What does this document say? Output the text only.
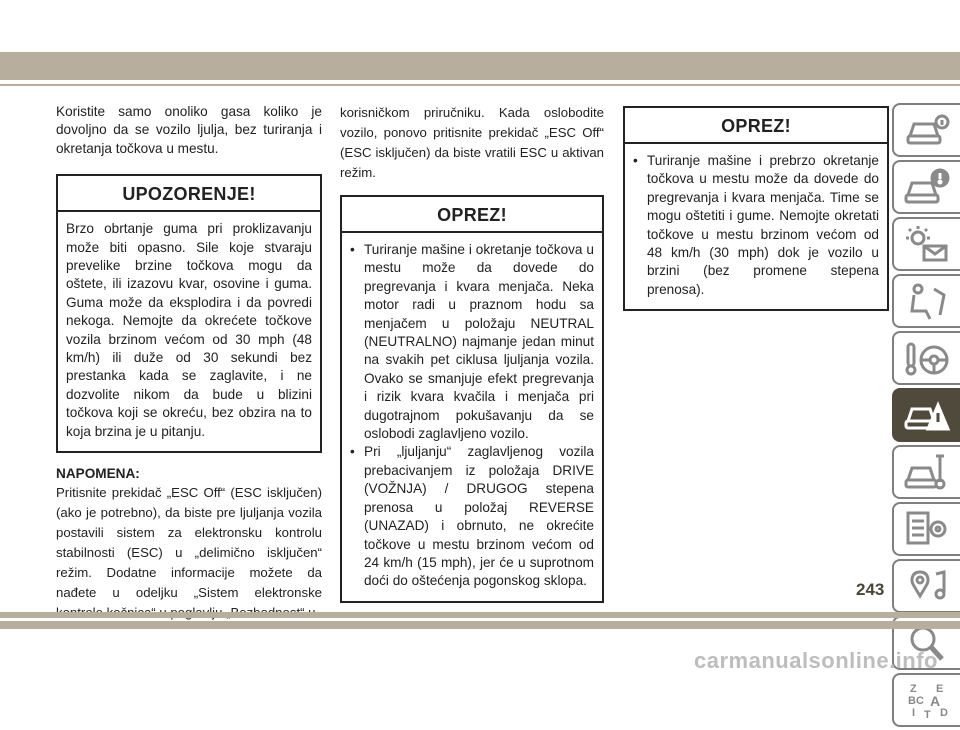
Koristite samo onoliko gasa koliko je dovoljno da se vozilo ljulja, bez turiranja i okretanja točkova u mestu.

UPOZORENJE!
Brzo obrtanje guma pri proklizavanju može biti opasno. Sile koje stvaraju prevelike brzine točkova mogu da oštete, ili izazovu kvar, osovine i guma. Guma može da eksplodira i da povredi nekoga. Nemojte da okrećete točkove vozila brzinom većom od 30 mph (48 km/h) ili duže od 30 sekundi bez prestanka kada se zaglavite, i ne dozvolite nikom da bude u blizini točkova koji se okreću, bez obzira na to koja brzina je u pitanju.
NAPOMENA:

Pritisnite prekidač „ESC Off“ (ESC isključen) (ako je potrebno), da biste pre ljuljanja vozila postavili sistem za elektronsku kontrolu stabilnosti (ESC) u „delimično isključen“ režim. Dodatne informacije možete da nađete u odeljku „Sistem elektronske

korisničkom priručniku. Kada oslobodite vozilo, ponovo pritisnite prekidač „ESC Off“ (ESC isključen) da biste vratili ESC u aktivan režim.

OPREZ!
• Turiranje mašine i okretanje točkova u mestu može da dovede do pregrevanja i kvara menjača. Neka motor radi u praznom hodu sa menjačem u položaju NEUTRAL (NEUTRALNO) najmanje jedan minut na svakih pet ciklusa ljuljanja vozila. Ovako se smanjuje efekt pregrevanja i rizik kvara kvačila i menjača pri dugotrajnom pokušavanju da se oslobodi zaglavljeno vozilo.
• Pri „ljuljanju“ zaglavljenog vozila prebacivanjem iz položaja DRIVE (VOŽNJA) / DRUGOG stepena prenosa u položaj REVERSE (UNAZAD) i obrnuto, ne okrećite točkove u mestu brzinom većom od 24 km/h (15 mph), jer će u suprotnom doći do oštećenja pogonskog sklopa.
OPREZ!
• Turiranje mašine i prebrzo okretanje točkova u mestu može da dovede do pregrevanja i kvara menjača. Time se mogu oštetiti i gume. Nemojte okretati točkove u mestu brzinom većom od 48 km/h (30 mph) dok je vozilo u brzini (bez promene stepena prenosa).
Z E
B A
C
D
I T
243
carmanualsonline.info
